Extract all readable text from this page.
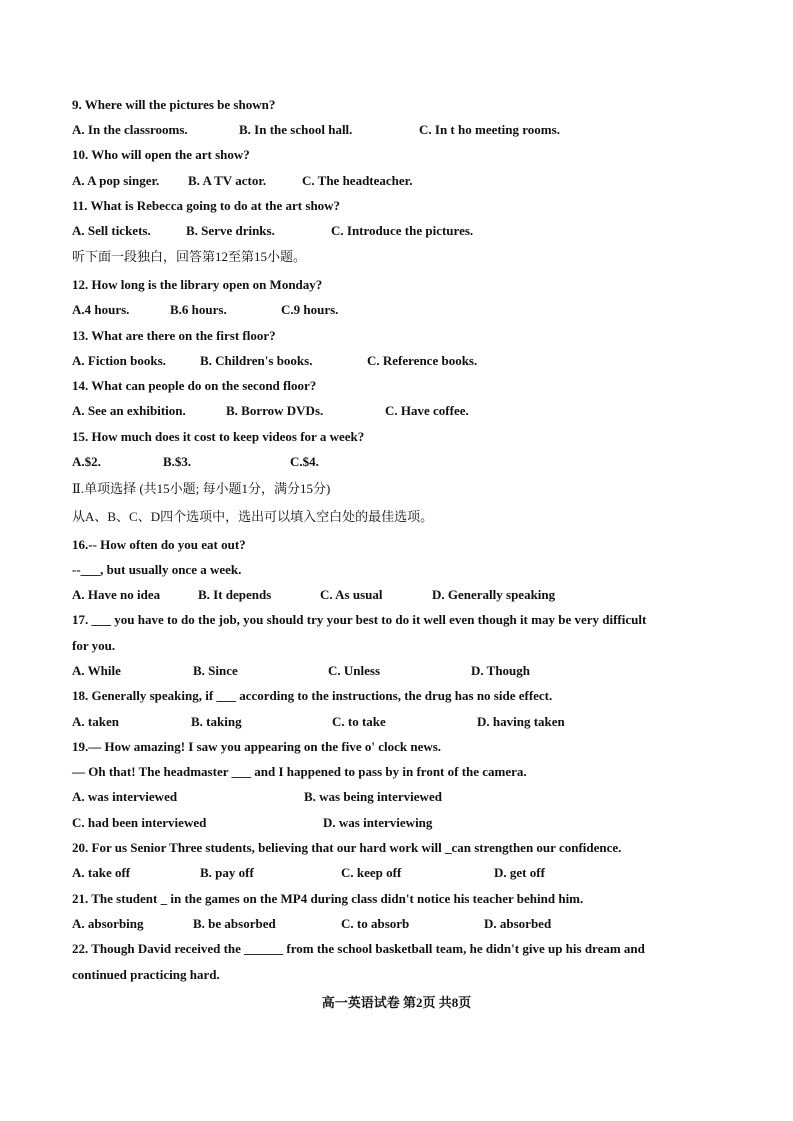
9. Where will the pictures be shown?
A. In the classrooms.	B. In the school hall.	C. In t ho meeting rooms.
10. Who will open the art show?
A. A pop singer. B. A TV actor.	C. The headteacher.
11. What is Rebecca going to do at the art show?
A. Sell tickets.	B. Serve drinks.	C. Introduce the pictures.
听下面一段独白，回答第12至第15小题。
12. How long is the library open on Monday?
A.4 hours.	B.6 hours.	C.9 hours.
13. What are there on the first floor?
A. Fiction books.	B. Children's books.	C. Reference books.
14. What can people do on the second floor?
A. See an exhibition.	B. Borrow DVDs.	C. Have coffee.
15. How much does it cost to keep videos for a week?
A.$2.	B.$3.	C.$4.
Ⅱ.单项选择 (共15小题; 每小题1分，满分15分)
从A、B、C、D四个选项中，选出可以填入空白处的最佳选项。
16.-- How often do you eat out?
--___, but usually once a week.
A. Have no idea	B. It depends	C. As usual	D. Generally speaking
17. ___ you have to do the job, you should try your best to do it well even though it may be very difficult
for you.
A. While	B. Since	C. Unless	D. Though
18. Generally speaking, if ___ according to the instructions, the drug has no side effect.
A. taken	B. taking	C. to take	D. having taken
19.— How amazing! I saw you appearing on the five o' clock news.
— Oh that! The headmaster ___ and I happened to pass by in front of the camera.
A. was interviewed	B. was being interviewed
C. had been interviewed	D. was interviewing
20. For us Senior Three students, believing that our hard work will _can strengthen our confidence.
A. take off	B. pay off	C. keep off	D. get off
21. The student _ in the games on the MP4 during class didn't notice his teacher behind him.
A. absorbing	B. be absorbed	C. to absorb	D. absorbed
22. Though David received the ______ from the school basketball team, he didn't give up his dream and
continued practicing hard.
高一英语试卷 第2页 共8页
